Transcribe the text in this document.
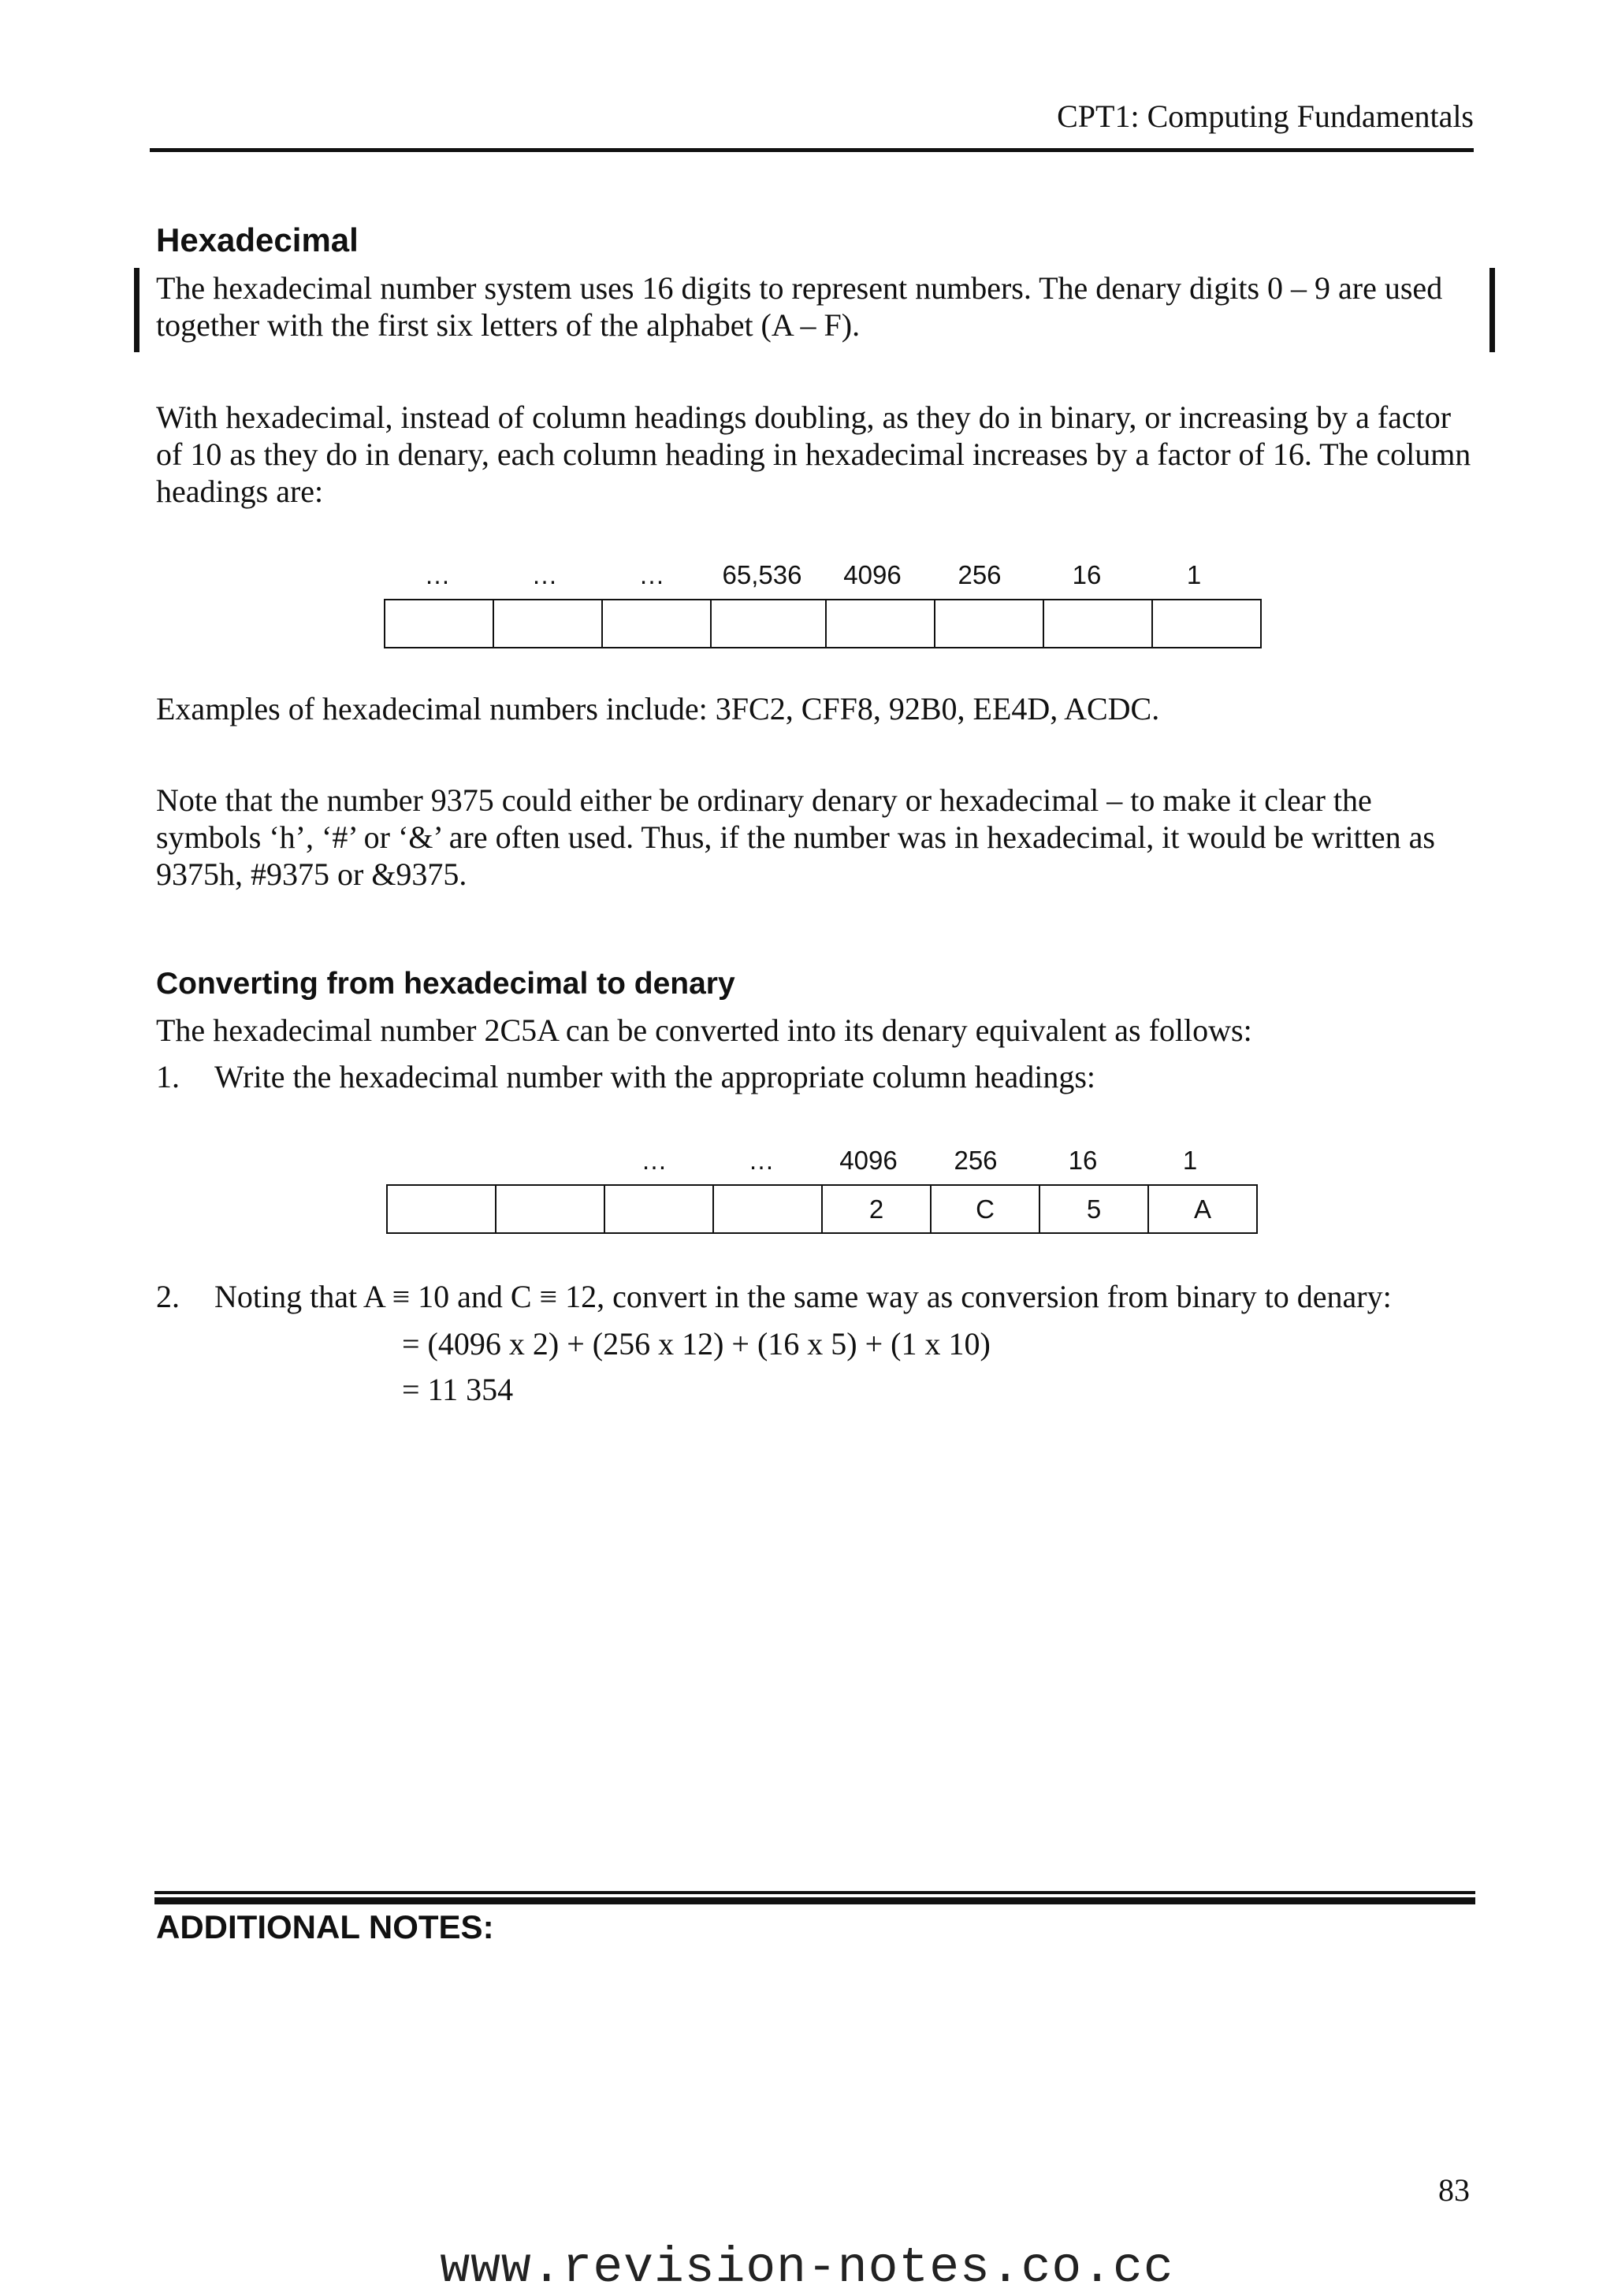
CPT1: Computing Fundamentals
Hexadecimal

The hexadecimal number system uses 16 digits to represent numbers. The denary digits 0 – 9 are used together with the first six letters of the alphabet (A – F).

With hexadecimal, instead of column headings doubling, as they do in binary, or increasing by a factor of 10 as they do in denary, each column heading in hexadecimal increases by a factor of 16. The column headings are:

…	…	…	65,536	4096	256	16	1

Examples of hexadecimal numbers include: 3FC2, CFF8, 92B0, EE4D, ACDC.

Note that the number 9375 could either be ordinary denary or hexadecimal – to make it clear the symbols ‘h’, ‘#’ or ‘&’ are often used. Thus, if the number was in hexadecimal, it would be written as 9375h, #9375 or &9375.

Converting from hexadecimal to denary

The hexadecimal number 2C5A can be converted into its denary equivalent as follows:

1. Write the hexadecimal number with the appropriate column headings:
…	…	4096	256	16	1
				2	C	5	A
2. Noting that A ≡ 10 and C ≡ 12, convert in the same way as conversion from binary to denary:
= (4096 x 2) + (256 x 12) + (16 x 5) + (1 x 10)
= 11 354
ADDITIONAL NOTES:
83
www.revision-notes.co.cc
